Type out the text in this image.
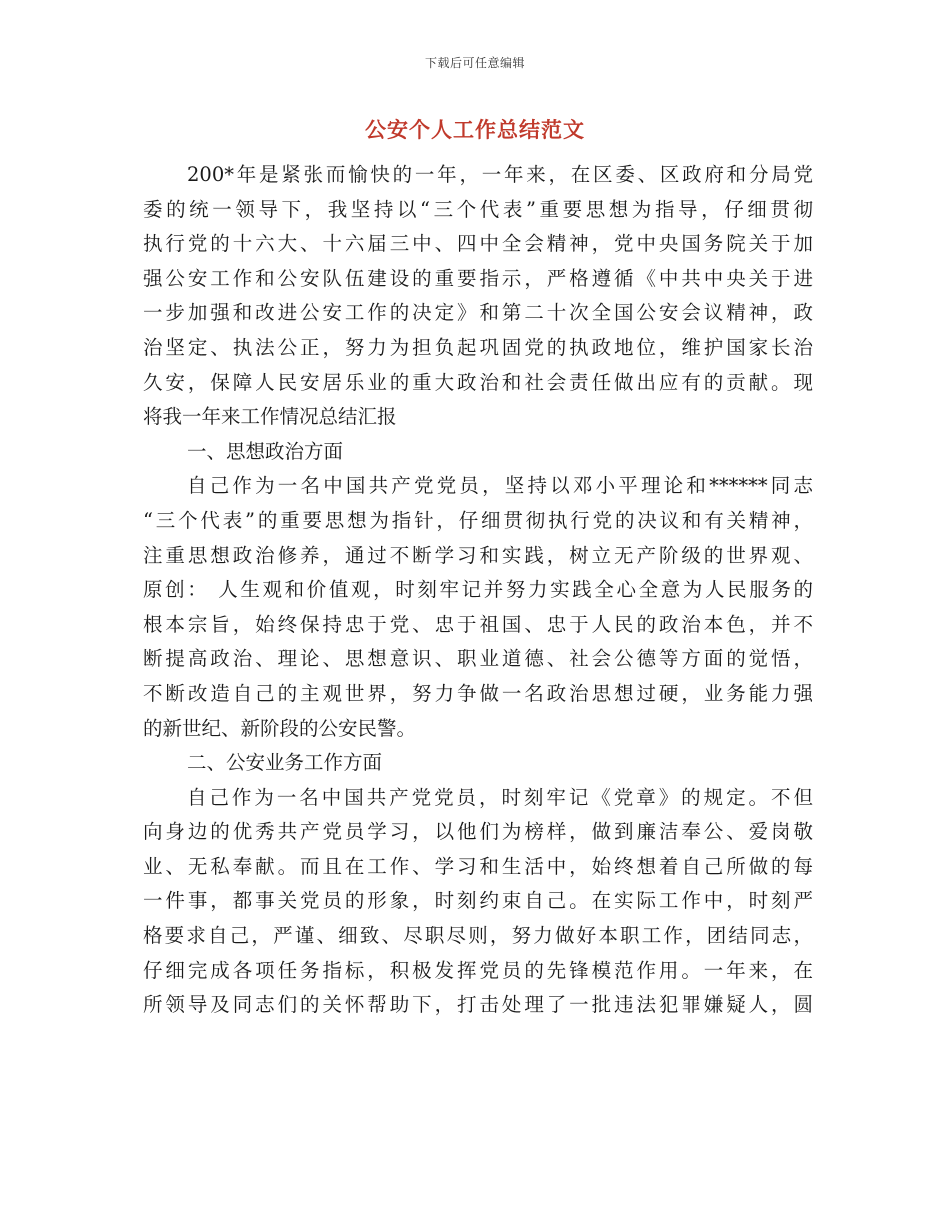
下载后可任意编辑
公安个人工作总结范文
200*年是紧张而愉快的一年，一年来，在区委、区政府和分局党
委的统一领导下，我坚持以“三个代表”重要思想为指导，仔细贯彻
执行党的十六大、十六届三中、四中全会精神，党中央国务院关于加
强公安工作和公安队伍建设的重要指示，严格遵循《中共中央关于进
一步加强和改进公安工作的决定》和第二十次全国公安会议精神，政
治坚定、执法公正，努力为担负起巩固党的执政地位，维护国家长治
久安，保障人民安居乐业的重大政治和社会责任做出应有的贡献。现
将我一年来工作情况总结汇报
一、思想政治方面
自己作为一名中国共产党党员，坚持以邓小平理论和******同志
“三个代表”的重要思想为指针，仔细贯彻执行党的决议和有关精神，
注重思想政治修养，通过不断学习和实践，树立无产阶级的世界观、
原创： 人生观和价值观，时刻牢记并努力实践全心全意为人民服务的
根本宗旨，始终保持忠于党、忠于祖国、忠于人民的政治本色，并不
断提高政治、理论、思想意识、职业道德、社会公德等方面的觉悟，
不断改造自己的主观世界，努力争做一名政治思想过硬，业务能力强
的新世纪、新阶段的公安民警。
二、公安业务工作方面
自己作为一名中国共产党党员，时刻牢记《党章》的规定。不但
向身边的优秀共产党员学习，以他们为榜样，做到廉洁奉公、爱岗敬
业、无私奉献。而且在工作、学习和生活中，始终想着自己所做的每
一件事，都事关党员的形象，时刻约束自己。在实际工作中，时刻严
格要求自己，严谨、细致、尽职尽则，努力做好本职工作，团结同志，
仔细完成各项任务指标，积极发挥党员的先锋模范作用。一年来，在
所领导及同志们的关怀帮助下，打击处理了一批违法犯罪嫌疑人，圆
